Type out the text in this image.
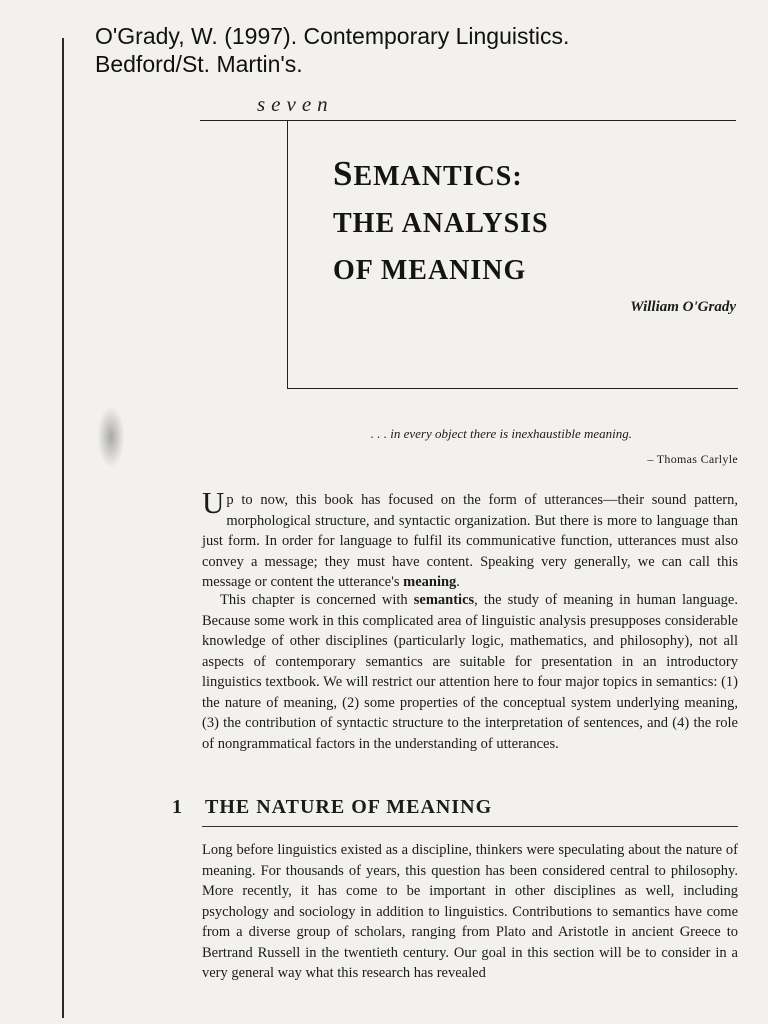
O'Grady, W. (1997). Contemporary Linguistics.
Bedford/St. Martin's.
seven
SEMANTICS:
THE ANALYSIS
OF MEANING
William O'Grady
. . . in every object there is inexhaustible meaning.
– Thomas Carlyle

Up to now, this book has focused on the form of utterances—their sound pattern, morphological structure, and syntactic organization. But there is more to language than just form. In order for language to fulfil its communicative function, utterances must also convey a message; they must have content. Speaking very generally, we can call this message or content the utterance's meaning.

This chapter is concerned with semantics, the study of meaning in human language. Because some work in this complicated area of linguistic analysis presupposes considerable knowledge of other disciplines (particularly logic, mathematics, and philosophy), not all aspects of contemporary semantics are suitable for presentation in an introductory linguistics textbook. We will restrict our attention here to four major topics in semantics: (1) the nature of meaning, (2) some properties of the conceptual system underlying meaning, (3) the contribution of syntactic structure to the interpretation of sentences, and (4) the role of nongrammatical factors in the understanding of utterances.

1 THE NATURE OF MEANING

Long before linguistics existed as a discipline, thinkers were speculating about the nature of meaning. For thousands of years, this question has been considered central to philosophy. More recently, it has come to be important in other disciplines as well, including psychology and sociology in addition to linguistics. Contributions to semantics have come from a diverse group of scholars, ranging from Plato and Aristotle in ancient Greece to Bertrand Russell in the twentieth century. Our goal in this section will be to consider in a very general way what this research has revealed
